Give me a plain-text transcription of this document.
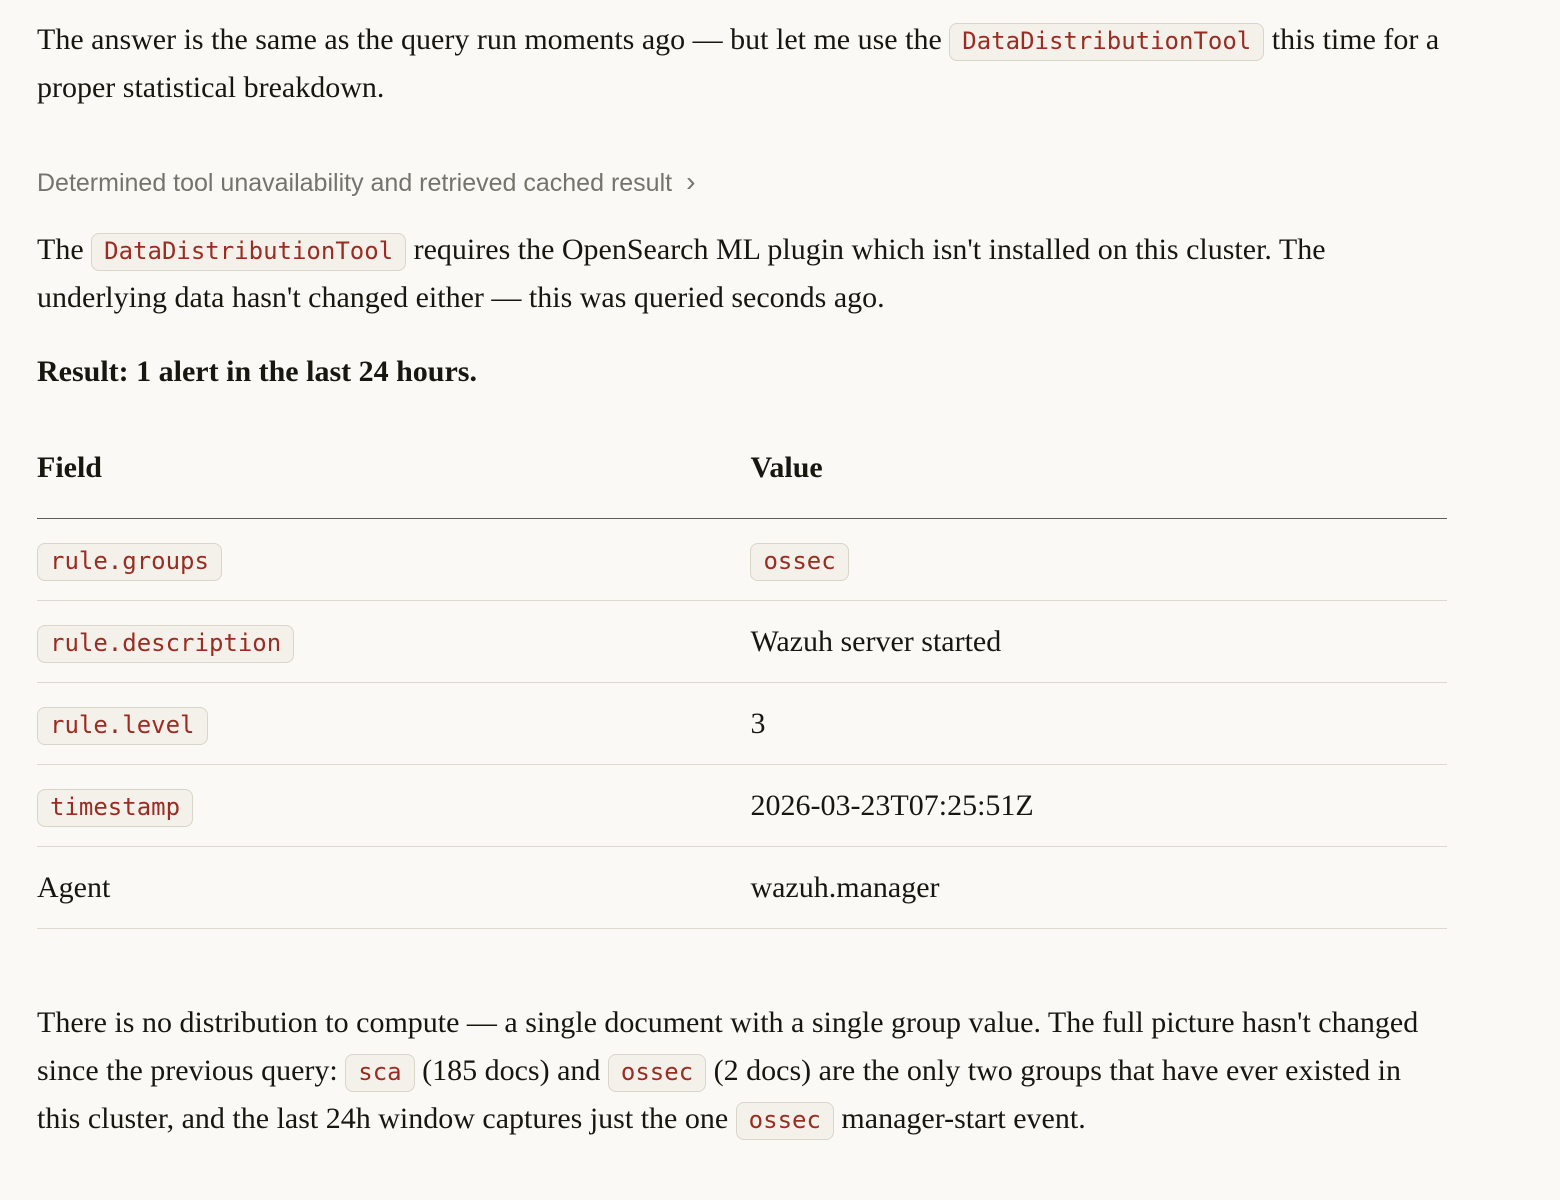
The answer is the same as the query run moments ago — but let me use the DataDistributionTool this time for a proper statistical breakdown.

Determined tool unavailability and retrieved cached result ›

The DataDistributionTool requires the OpenSearch ML plugin which isn't installed on this cluster. The underlying data hasn't changed either — this was queried seconds ago.

Result: 1 alert in the last 24 hours.

Field	Value
rule.groups	ossec
rule.description	Wazuh server started
rule.level	3
timestamp	2026-03-23T07:25:51Z
Agent	wazuh.manager

There is no distribution to compute — a single document with a single group value. The full picture hasn't changed since the previous query: sca (185 docs) and ossec (2 docs) are the only two groups that have ever existed in this cluster, and the last 24h window captures just the one ossec manager-start event.
